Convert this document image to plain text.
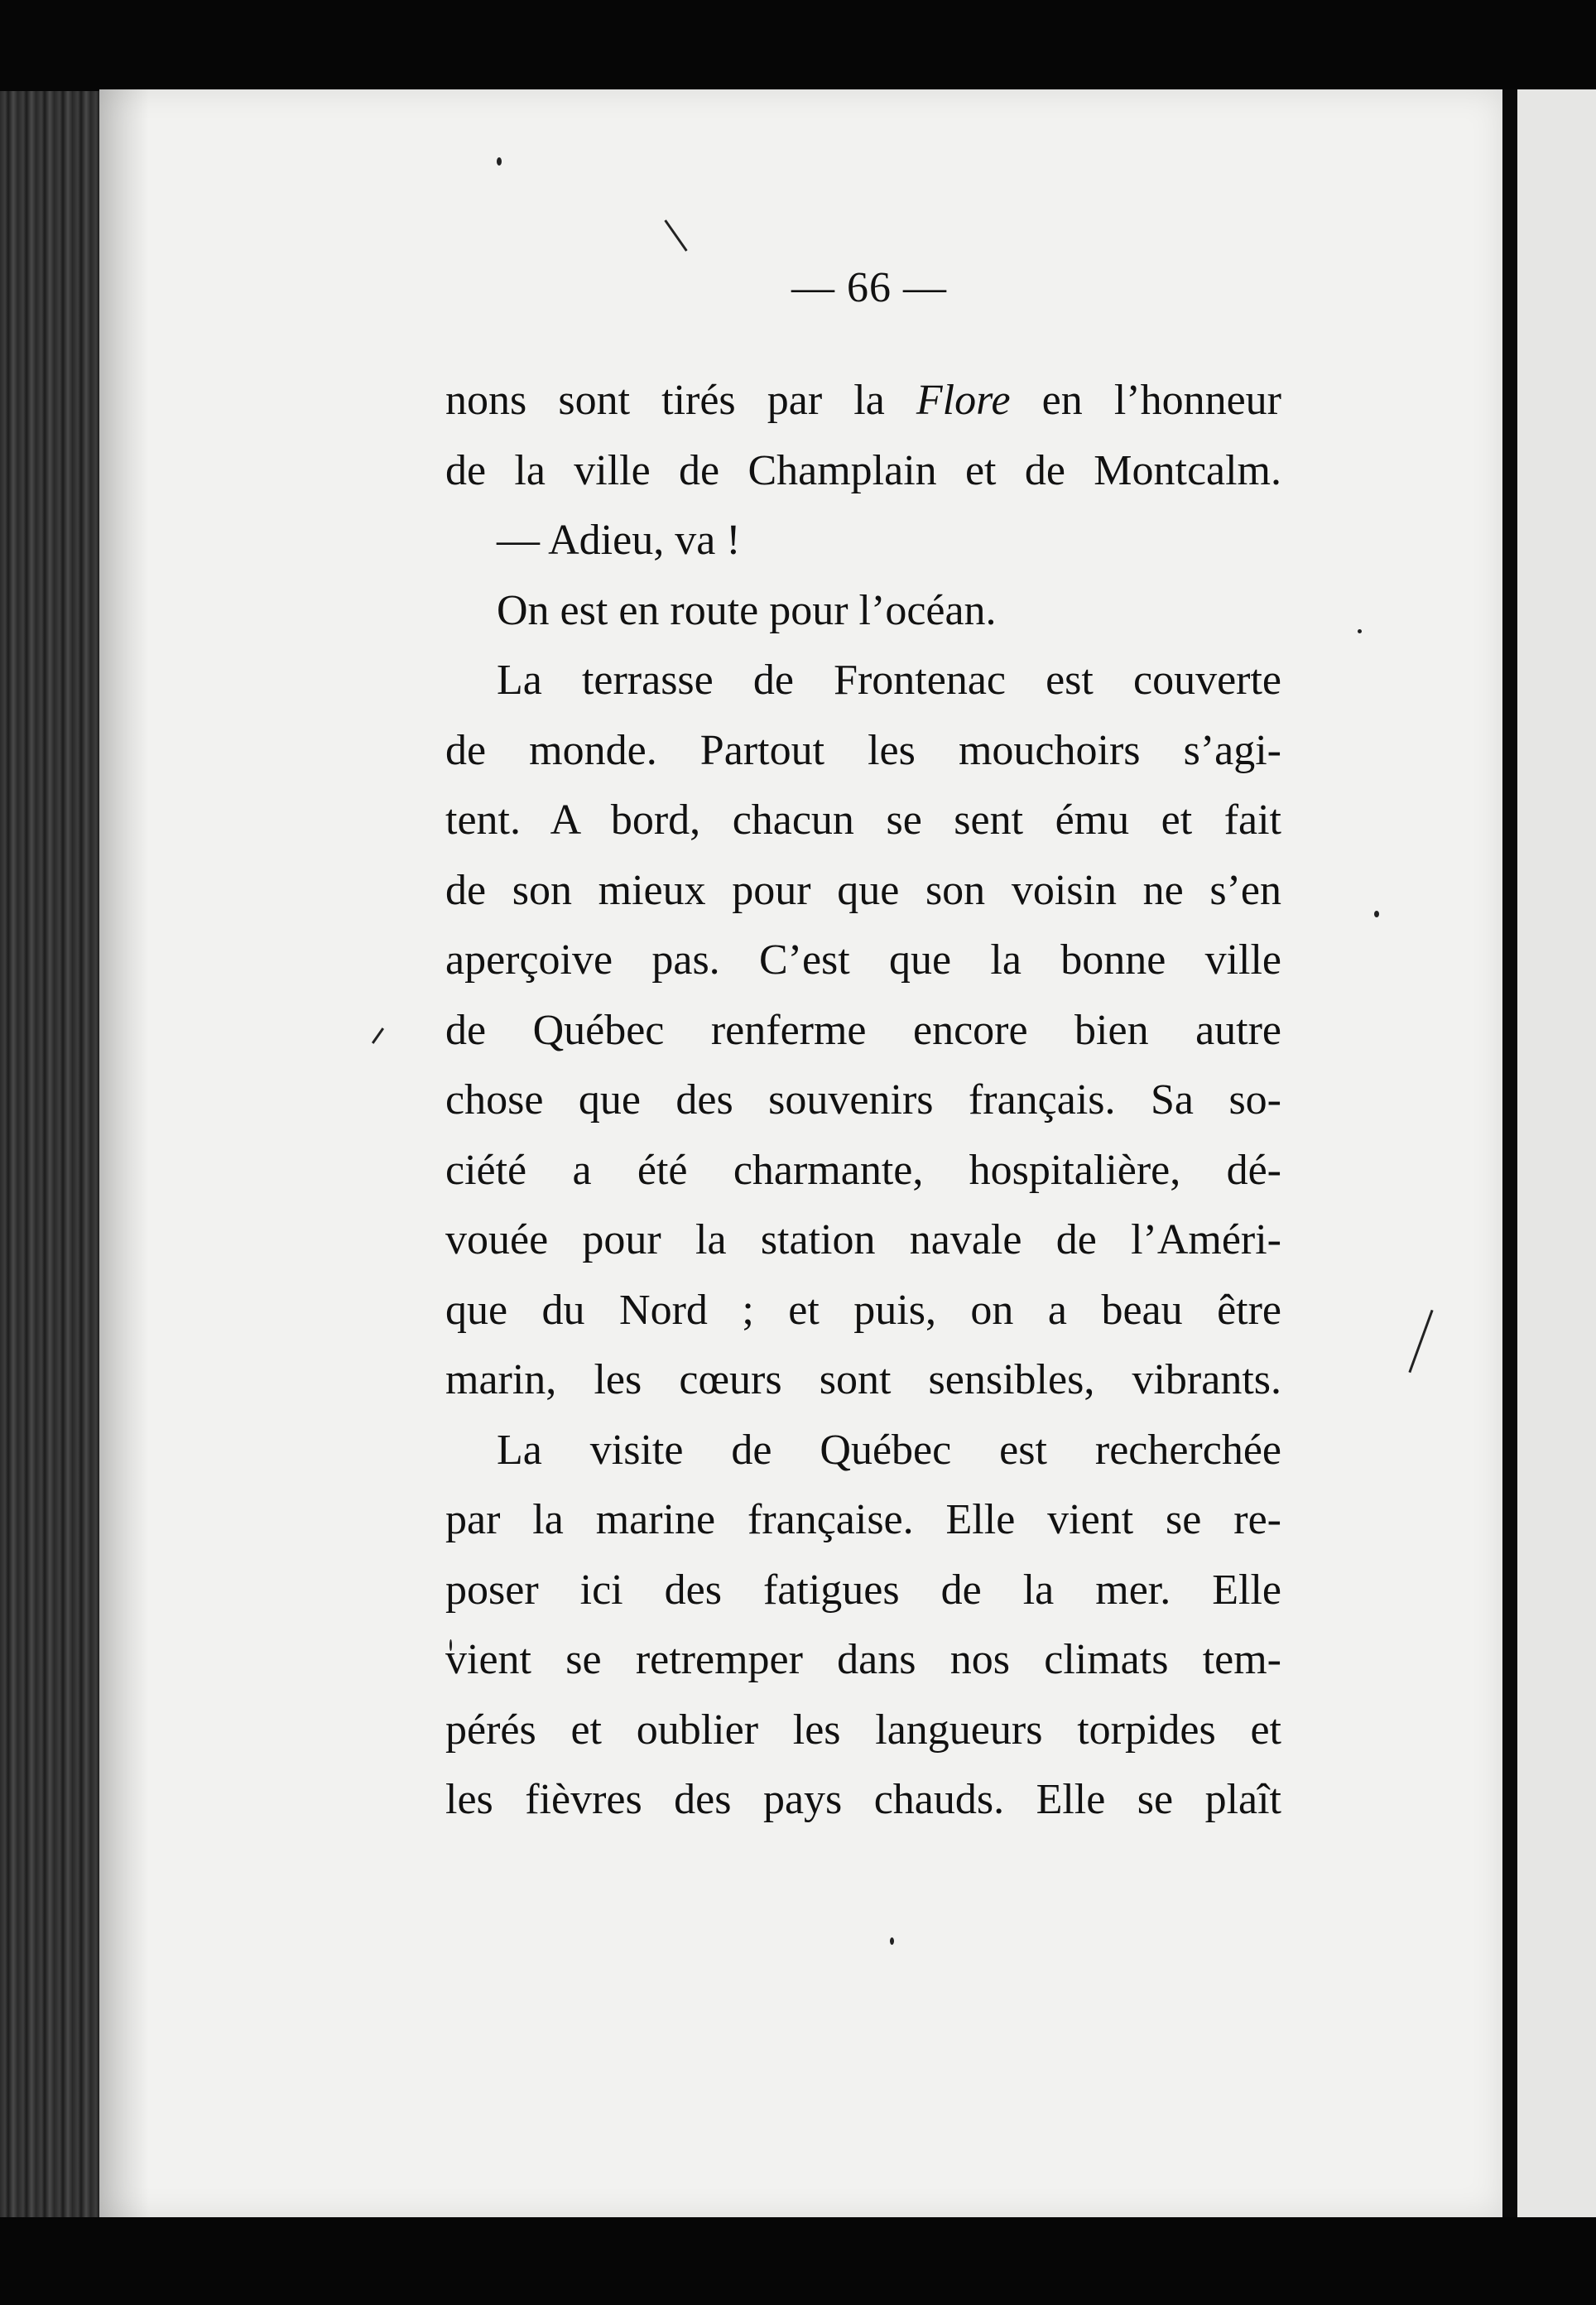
— 66 —
nons sont tirés par la Flore en l’honneur
de la ville de Champlain et de Montcalm.
— Adieu, va !
On est en route pour l’océan.
La terrasse de Frontenac est couverte
de monde. Partout les mouchoirs s’agi-
tent. A bord, chacun se sent ému et fait
de son mieux pour que son voisin ne s’en
aperçoive pas. C’est que la bonne ville
de Québec renferme encore bien autre
chose que des souvenirs français. Sa so-
ciété a été charmante, hospitalière, dé-
vouée pour la station navale de l’Améri-
que du Nord ; et puis, on a beau être
marin, les cœurs sont sensibles, vibrants.
La visite de Québec est recherchée
par la marine française. Elle vient se re-
poser ici des fatigues de la mer. Elle
vient se retremper dans nos climats tem-
pérés et oublier les langueurs torpides et
les fièvres des pays chauds. Elle se plaît
